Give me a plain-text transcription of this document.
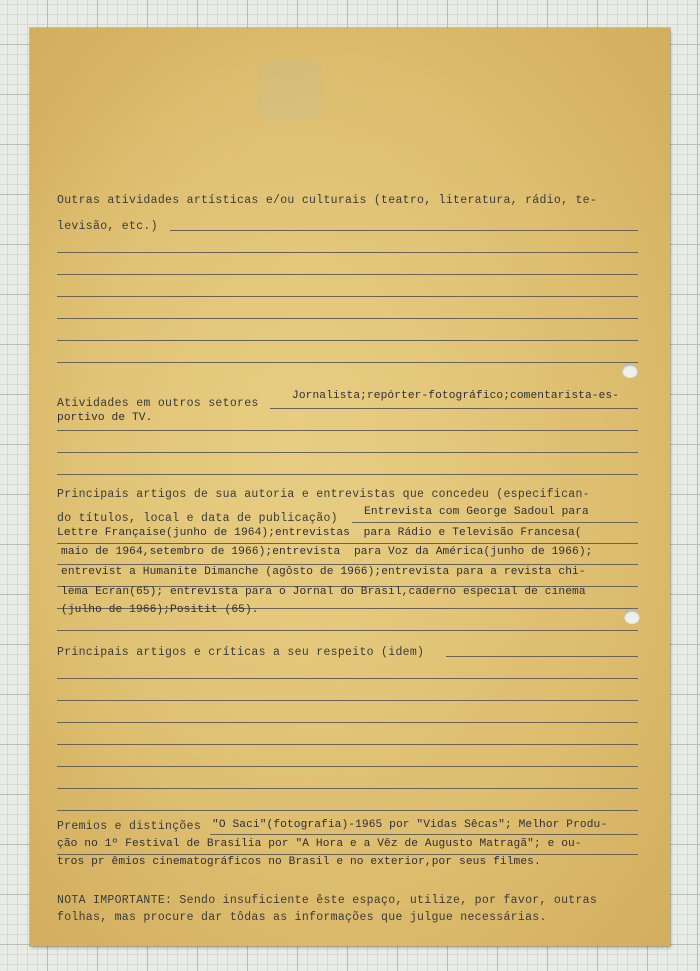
Outras atividades artísticas e/ou culturais (teatro, literatura, rádio, te-
levisão, etc.)
Atividades em outros setores
Jornalista;repórter-fotográfico;comentarista-es-
portivo de TV.
Principais artigos de sua autoria e entrevistas que concedeu (especifican-
do títulos, local e data de publicação) Entrevista com George Sadoul para
Lettre Française(junho de 1964);entrevistas  para Rádio e Televisão Francesa(
maio de 1964,setembro de 1966);entrevista  para Voz da América(junho de 1966);
entrevist a Humanite Dimanche (agôsto de 1966);entrevista para a revista chi-
lema Ecran(65); entrevista para o Jornal do Brasil,caderno especial de cinema
(julho de 1966);Positit (65).
Principais artigos e críticas a seu respeito (idem)
Premios e distinções "O Saci"(fotografia)-1965 por "Vidas Sêcas"; Melhor Produ-
ção no 1º Festival de Brasília por "A Hora e a Vêz de Augusto Matragã"; e ou-
tros pr êmios cinematográficos no Brasil e no exterior,por seus filmes.
NOTA IMPORTANTE: Sendo insuficiente êste espaço, utilize, por favor, outras
folhas, mas procure dar tôdas as informações que julgue necessárias.
